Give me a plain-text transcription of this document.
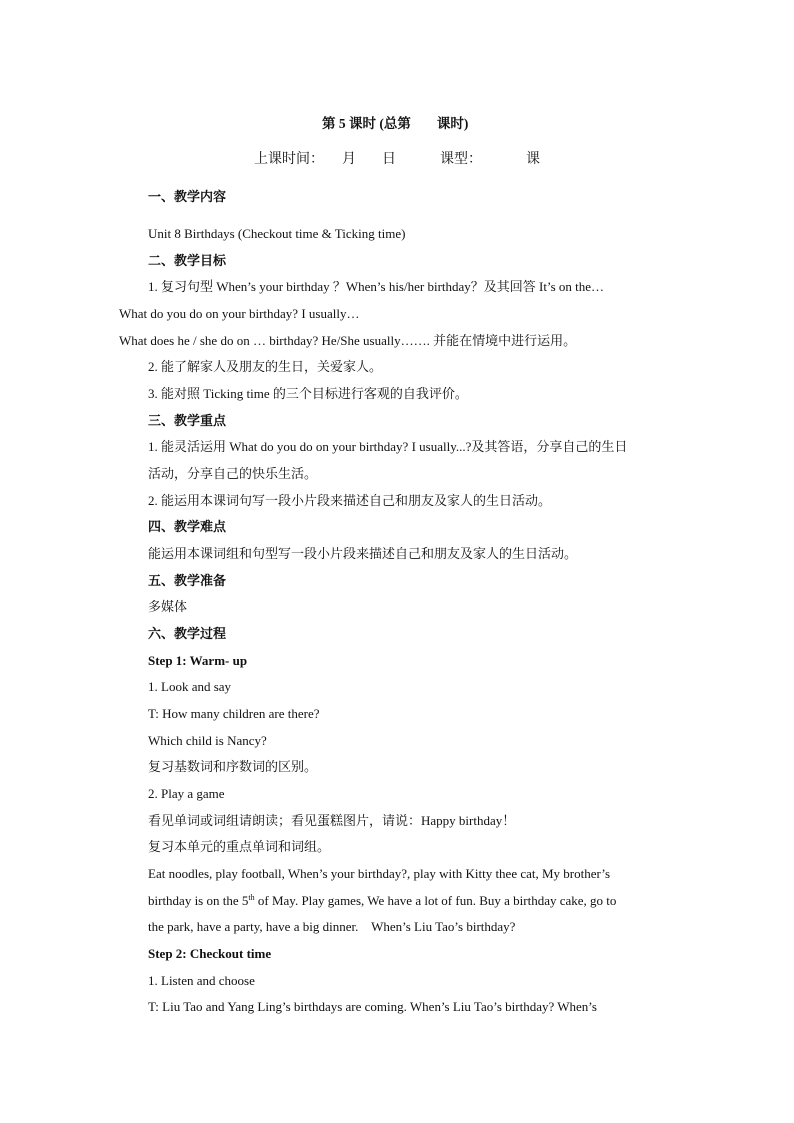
第 5 课时 (总第 课时)
上课时间： 月 日	课型：	课
一、教学内容
Unit 8 Birthdays (Checkout time & Ticking time)
二、教学目标
1. 复习句型 When’s your birthday ？When’s his/her birthday？及其回答 It’s on the…
What do you do on your birthday? I usually…
What does he / she do on … birthday? He/She usually……. 并能在情境中进行运用。
2. 能了解家人及朋友的生日，关爱家人。
3. 能对照 Ticking time 的三个目标进行客观的自我评价。
三、教学重点
1. 能灵活运用 What do you do on your birthday? I usually...?及其答语，分享自己的生日
活动，分享自己的快乐生活。
2. 能运用本课词句写一段小片段来描述自己和朋友及家人的生日活动。
四、教学难点
能运用本课词组和句型写一段小片段来描述自己和朋友及家人的生日活动。
五、教学准备
多媒体
六、教学过程
Step 1: Warm- up
1. Look and say
T: How many children are there?
Which child is Nancy?
复习基数词和序数词的区别。
2. Play a game
看见单词或词组请朗读；看见蛋糕图片，请说：Happy birthday！
复习本单元的重点单词和词组。
Eat noodles, play football, When’s your birthday?, play with Kitty thee cat, My brother’s
birthday is on the 5th of May. Play games, We have a lot of fun. Buy a birthday cake, go to
the park, have a party, have a big dinner.    When’s Liu Tao’s birthday?
Step 2: Checkout time
1. Listen and choose
T: Liu Tao and Yang Ling’s birthdays are coming. When’s Liu Tao’s birthday? When’s
